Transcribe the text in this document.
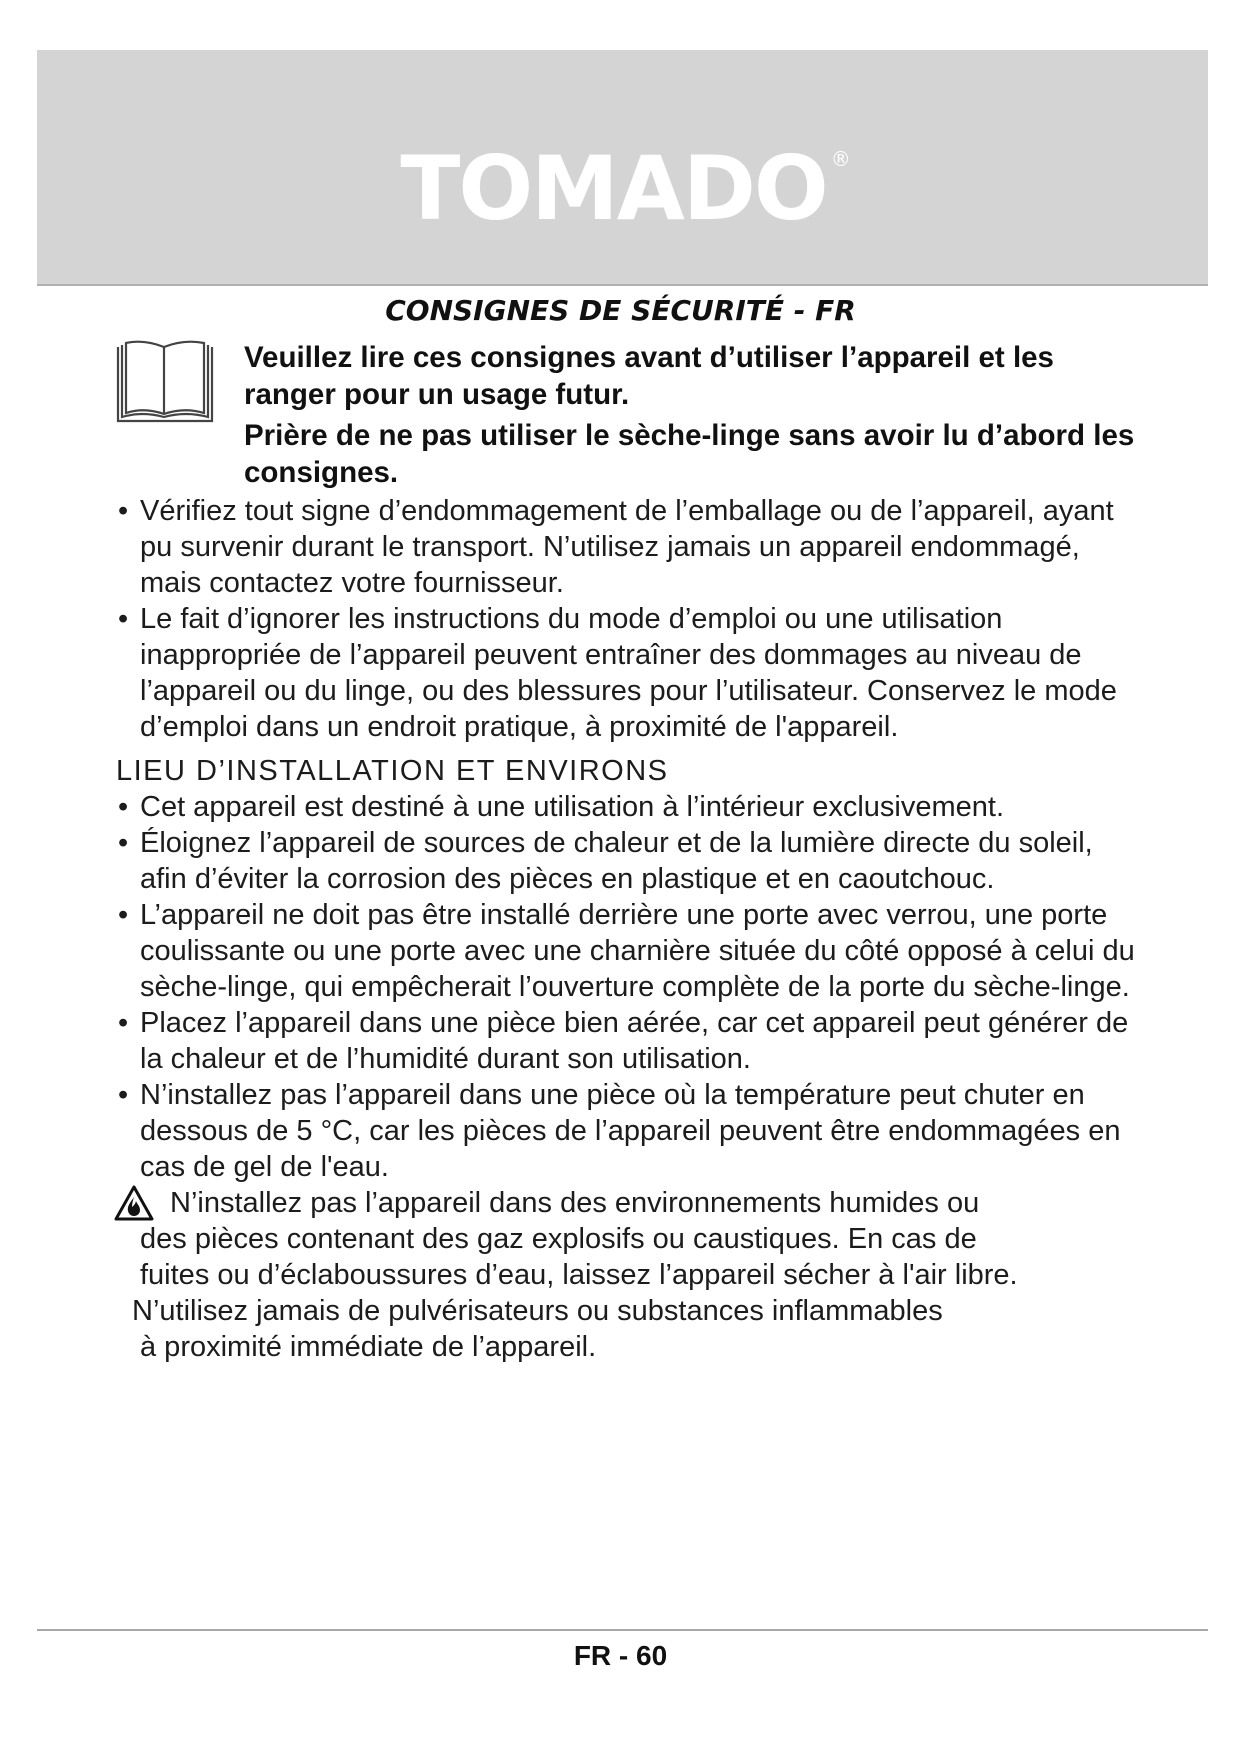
TOMADO ®
CONSIGNES DE SÉCURITÉ - FR
Veuillez lire ces consignes avant d’utiliser l’appareil et les ranger pour un usage futur.
Prière de ne pas utiliser le sèche-linge sans avoir lu d’abord les consignes.

• Vérifiez tout signe d’endommagement de l’emballage ou de l’appareil, ayant pu survenir durant le transport. N’utilisez jamais un appareil endommagé, mais contactez votre fournisseur.

• Le fait d’ignorer les instructions du mode d’emploi ou une utilisation inappropriée de l’appareil peuvent entraîner des dommages au niveau de l’appareil ou du linge, ou des blessures pour l’utilisateur. Conservez le mode d’emploi dans un endroit pratique, à proximité de l'appareil.

LIEU D’INSTALLATION ET ENVIRONS

• Cet appareil est destiné à une utilisation à l’intérieur exclusivement.

• Éloignez l’appareil de sources de chaleur et de la lumière directe du soleil, afin d’éviter la corrosion des pièces en plastique et en caoutchouc.

• L’appareil ne doit pas être installé derrière une porte avec verrou, une porte coulissante ou une porte avec une charnière située du côté opposé à celui du sèche-linge, qui empêcherait l’ouverture complète de la porte du sèche-linge.

• Placez l’appareil dans une pièce bien aérée, car cet appareil peut générer de la chaleur et de l’humidité durant son utilisation.

• N’installez pas l’appareil dans une pièce où la température peut chuter en dessous de 5 °C, car les pièces de l’appareil peuvent être endommagées en cas de gel de l'eau.

N’installez pas l’appareil dans des environnements humides ou
des pièces contenant des gaz explosifs ou caustiques. En cas de
fuites ou d’éclaboussures d’eau, laissez l’appareil sécher à l'air libre.
N’utilisez jamais de pulvérisateurs ou substances inflammables
à proximité immédiate de l’appareil.
FR - 60
